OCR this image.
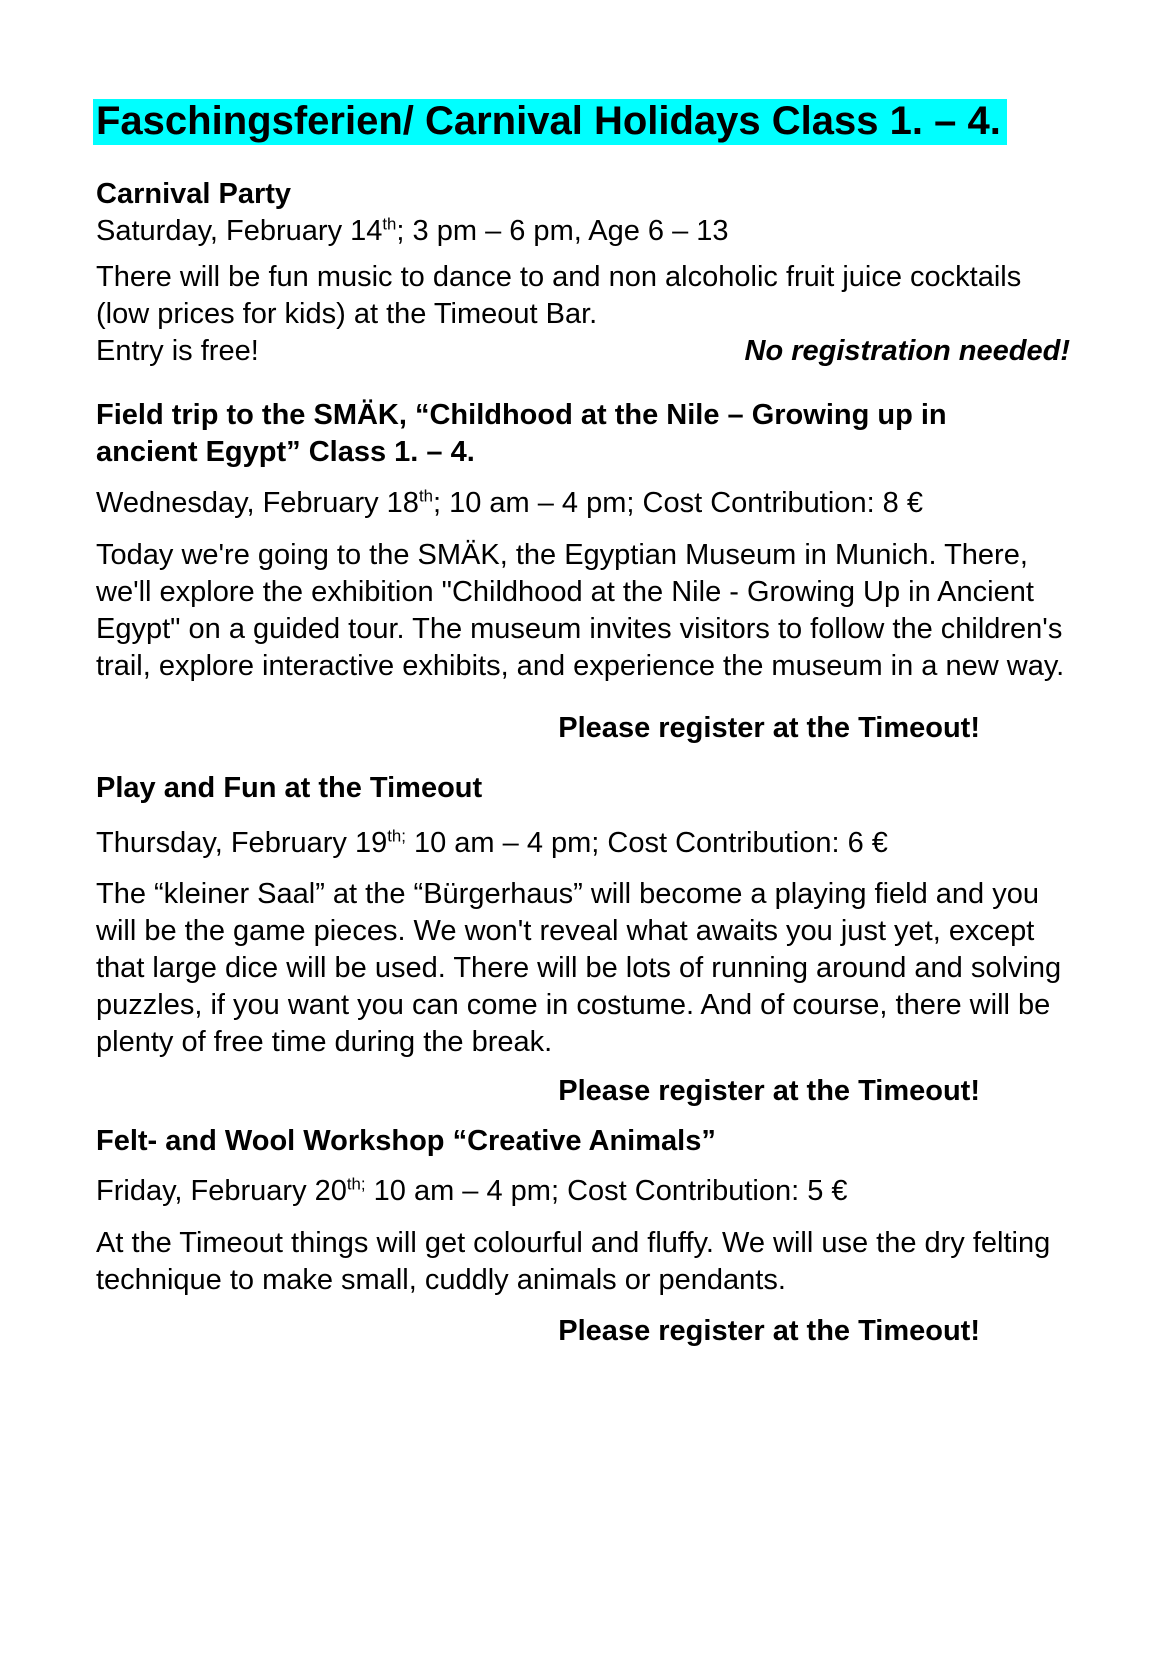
Faschingsferien/ Carnival Holidays Class 1. – 4.
Carnival Party

Saturday, February 14th; 3 pm – 6 pm, Age 6 – 13

There will be fun music to dance to and non alcoholic fruit juice cocktails (low prices for kids) at the Timeout Bar.

Entry is free!	No registration needed!
Field trip to the SMÄK, “Childhood at the Nile – Growing up in ancient Egypt” Class 1. – 4.

Wednesday, February 18th; 10 am – 4 pm; Cost Contribution: 8 €

Today we're going to the SMÄK, the Egyptian Museum in Munich. There, we'll explore the exhibition "Childhood at the Nile - Growing Up in Ancient Egypt" on a guided tour. The museum invites visitors to follow the children's trail, explore interactive exhibits, and experience the museum in a new way.

Please register at the Timeout!

Play and Fun at the Timeout

Thursday, February $19^{th;}$ 10 am – 4 pm; Cost Contribution: 6 €

The “kleiner Saal” at the “Bürgerhaus” will become a playing field and you will be the game pieces. We won't reveal what awaits you just yet, except that large dice will be used. There will be lots of running around and solving puzzles, if you want you can come in costume. And of course, there will be plenty of free time during the break.

Please register at the Timeout!

Felt- and Wool Workshop “Creative Animals”

Friday, February $20^{th;}$ 10 am – 4 pm; Cost Contribution: 5 €

At the Timeout things will get colourful and fluffy. We will use the dry felting technique to make small, cuddly animals or pendants.

Please register at the Timeout!
